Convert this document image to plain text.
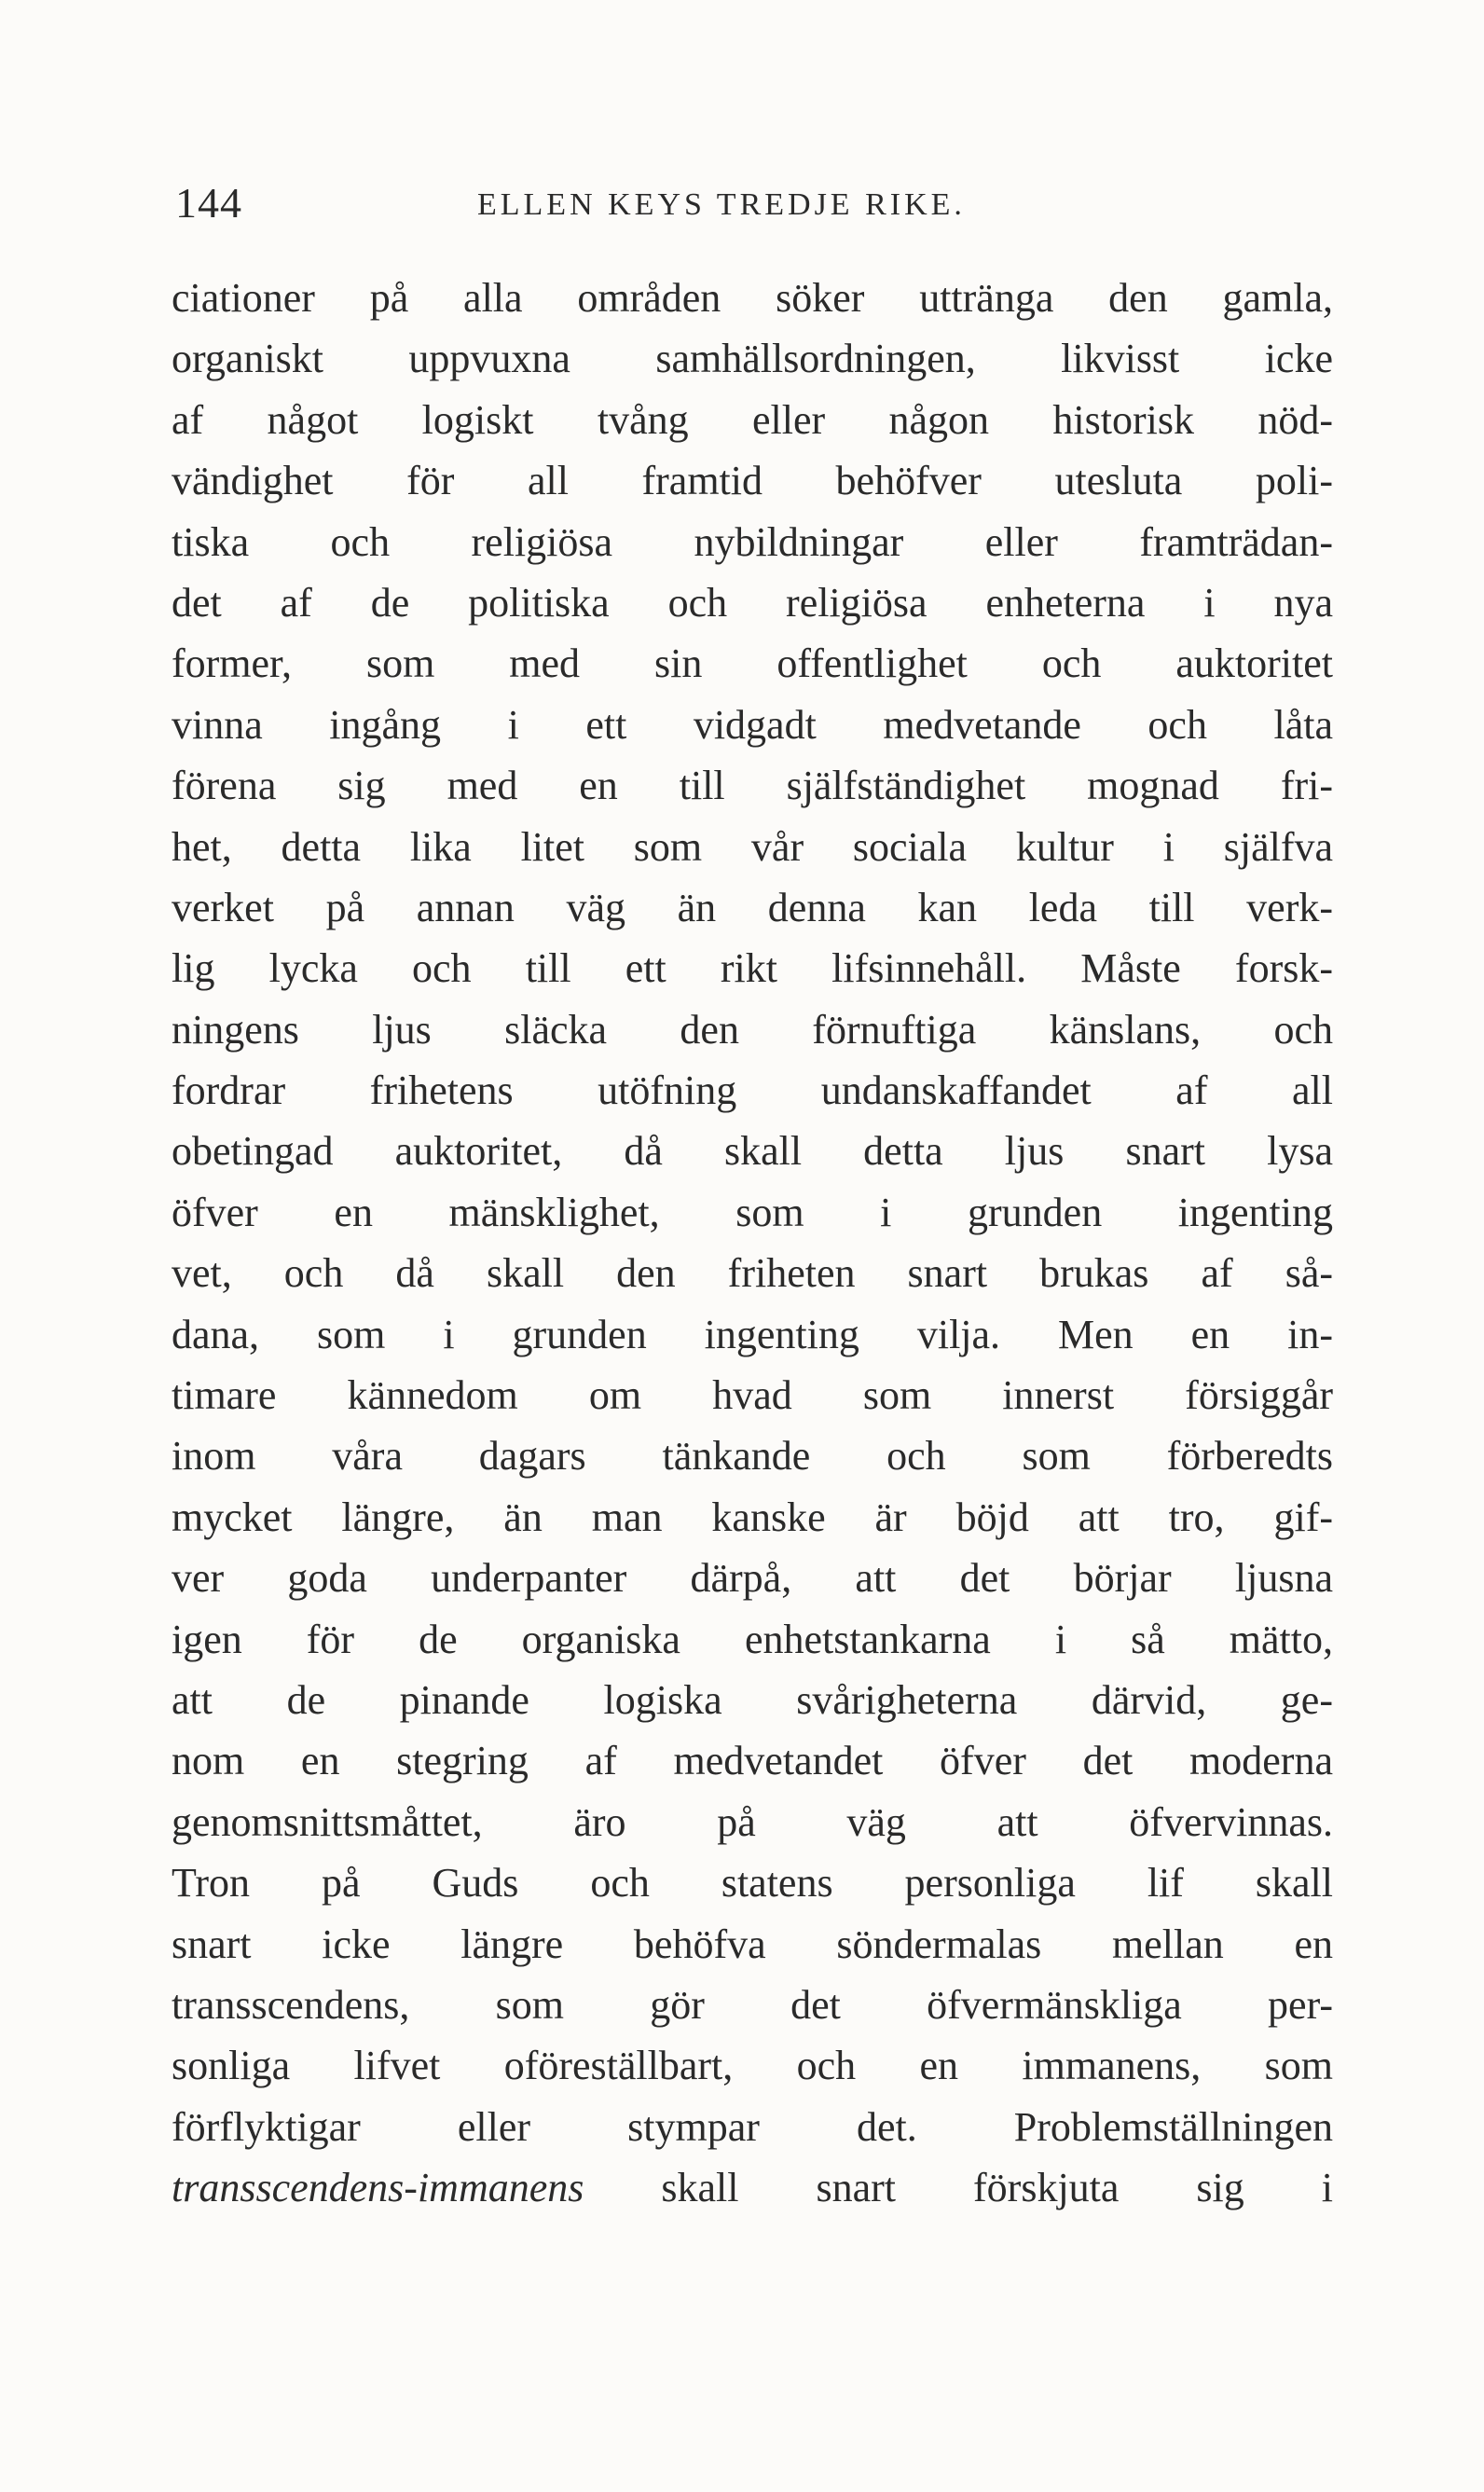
144	ELLEN KEYS TREDJE RIKE.
ciationer på alla områden söker uttränga den gamla,
organiskt uppvuxna samhällsordningen, likvisst icke
af något logiskt tvång eller någon historisk nöd-
vändighet för all framtid behöfver utesluta poli-
tiska och religiösa nybildningar eller framträdan-
det af de politiska och religiösa enheterna i nya
former, som med sin offentlighet och auktoritet
vinna ingång i ett vidgadt medvetande och låta
förena sig med en till själfständighet mognad fri-
het, detta lika litet som vår sociala kultur i själfva
verket på annan väg än denna kan leda till verk-
lig lycka och till ett rikt lifsinnehåll. Måste forsk-
ningens ljus släcka den förnuftiga känslans, och
fordrar frihetens utöfning undanskaffandet af all
obetingad auktoritet, då skall detta ljus snart lysa
öfver en mänsklighet, som i grunden ingenting
vet, och då skall den friheten snart brukas af så-
dana, som i grunden ingenting vilja. Men en in-
timare kännedom om hvad som innerst försiggår
inom våra dagars tänkande och som förberedts
mycket längre, än man kanske är böjd att tro, gif-
ver goda underpanter därpå, att det börjar ljusna
igen för de organiska enhetstankarna i så mätto,
att de pinande logiska svårigheterna därvid, ge-
nom en stegring af medvetandet öfver det moderna
genomsnittsmåttet, äro på väg att öfvervinnas.
Tron på Guds och statens personliga lif skall
snart icke längre behöfva söndermalas mellan en
transscendens, som gör det öfvermänskliga per-
sonliga lifvet oföreställbart, och en immanens, som
förflyktigar eller stympar det. Problemställningen
transscendens-immanens skall snart förskjuta sig i
